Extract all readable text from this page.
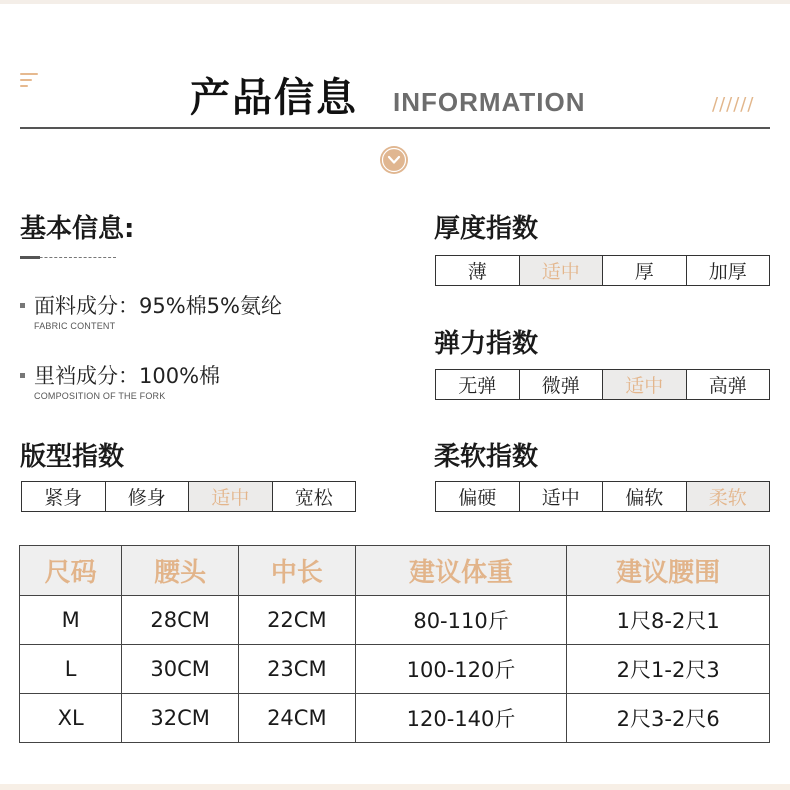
产品信息 INFORMATION	//////
基本信息:
面料成分：95%棉5%氨纶
FABRIC CONTENT
里裆成分：100%棉
COMPOSITION OF THE FORK
厚度指数
薄	适中	厚	加厚
弹力指数
无弹	微弹	适中	高弹
版型指数
紧身	修身	适中	宽松
柔软指数
偏硬	适中	偏软	柔软
尺码	腰头	中长	建议体重	建议腰围
M	28CM	22CM	80-110斤	1尺8-2尺1
L	30CM	23CM	100-120斤	2尺1-2尺3
XL	32CM	24CM	120-140斤	2尺3-2尺6
